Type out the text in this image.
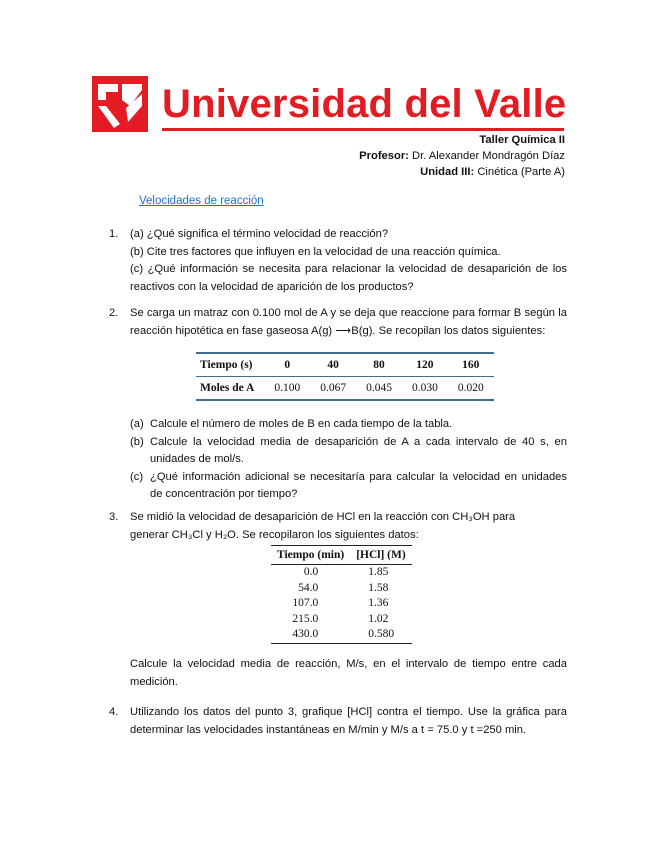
Universidad del Valle
Taller Química II
Profesor: Dr. Alexander Mondragón Díaz
Unidad III: Cinética (Parte A)
Velocidades de reacción
1. (a) ¿Qué significa el término velocidad de reacción?

(b) Cite tres factores que influyen en la velocidad de una reacción química.

(c) ¿Qué información se necesita para relacionar la velocidad de desaparición de los reactivos con la velocidad de aparición de los productos?

2. Se carga un matraz con 0.100 mol de A y se deja que reaccione para formar B según la reacción hipotética en fase gaseosa A(g) ⟶B(g). Se recopilan los datos siguientes:

Tiempo (s)	0	40	80	120	160
Moles de A	0.100	0.067	0.045	0.030	0.020
(a) Calcule el número de moles de B en cada tiempo de la tabla.
(b) Calcule la velocidad media de desaparición de A a cada intervalo de 40 s, en unidades de mol/s.
(c) ¿Qué información adicional se necesitaría para calcular la velocidad en unidades de concentración por tiempo?
3. Se midió la velocidad de desaparición de HCl en la reacción con CH₃OH para generar CH₃Cl y H₂O. Se recopilaron los siguientes datos:

Tiempo (min)	[HCl] (M)
0.0	1.85
54.0	1.58
107.0	1.36
215.0	1.02
430.0	0.580

Calcule la velocidad media de reacción, M/s, en el intervalo de tiempo entre cada medición.

4. Utilizando los datos del punto 3, grafique [HCl] contra el tiempo. Use la gráfica para determinar las velocidades instantáneas en M/min y M/s a t = 75.0 y t =250 min.
